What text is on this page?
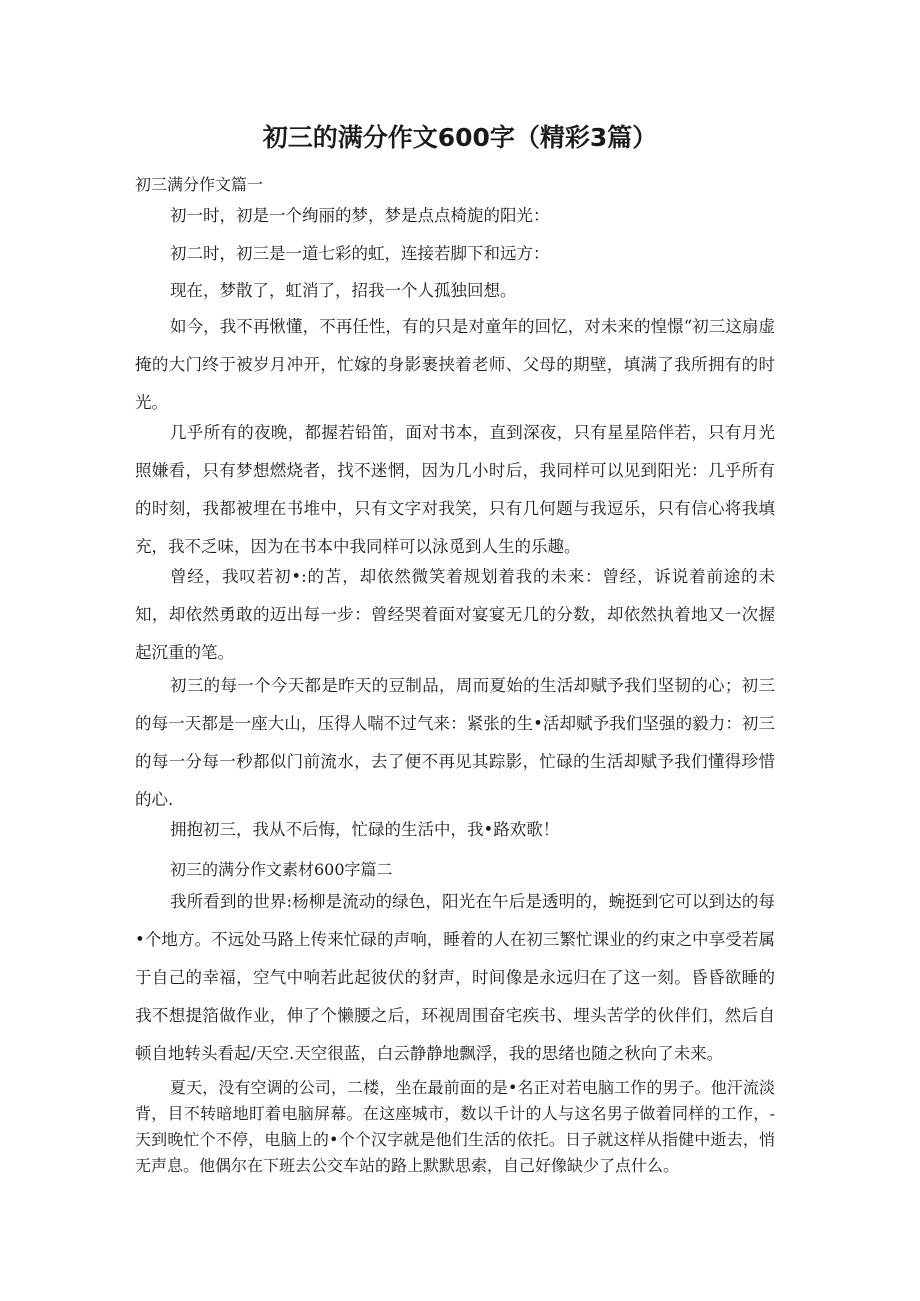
初三的满分作文600字（精彩3篇）

初三满分作文篇一

初一时，初是一个绚丽的梦，梦是点点椅旎的阳光：

初二时，初三是一道七彩的虹，连接若脚下和远方：

现在，梦散了，虹消了，招我一个人孤独回想。

如今，我不再愀懂，不再任性，有的只是对童年的回忆，对未来的惶憬“初三这扇虚掩的大门终于被岁月冲开，忙嫁的身影裹挟着老师、父母的期壁，填满了我所拥有的时光。

几乎所有的夜晚，都握若铅笛，面对书本，直到深夜，只有星星陪伴若，只有月光照嫌看，只有梦想燃烧者，找不迷惘，因为几小时后，我同样可以见到阳光：几乎所有的时刻，我都被埋在书堆中，只有文字对我笑，只有几何题与我逗乐，只有信心将我填充，我不乏味，因为在书本中我同样可以泳觅到人生的乐趣。

曾经，我叹若初•:的苫，却依然微笑着规划着我的未来：曾经，诉说着前途的未知，却依然勇敢的迈出每一步：曾经哭着面对宴宴无几的分数，却依然执着地又一次握起沉重的笔。

初三的每一个今天都是昨天的豆制品，周而夏始的生活却赋予我们坚韧的心；初三的每一天都是一座大山，压得人喘不过气来：紧张的生•活却赋予我们坚强的毅力：初三的每一分每一秒都似门前流水，去了便不再见其踪影，忙碌的生活却赋予我们懂得珍惜的心.

拥抱初三，我从不后悔，忙碌的生活中，我•路欢歌！

初三的满分作文素材600字篇二

我所看到的世界:杨柳是流动的绿色，阳光在午后是透明的，蜿挺到它可以到达的每•个地方。不远处马路上传来忙碌的声响，睡着的人在初三繁忙课业的约束之中享受若属于自己的幸福，空气中响若此起彼伏的豺声，时间像是永远归在了这一刻。昏昏欲睡的我不想提箔做作业，伸了个懒腰之后，环视周围奋宅疾书、埋头苦学的伙伴们，然后自顿自地转头看起/天空.天空很蓝，白云静静地飘浮，我的思绪也随之秋向了未来。

夏天，没有空调的公司，二楼，坐在最前面的是•名正对若电脑工作的男子。他汗流淡背，目不转暗地盯着电脑屏幕。在这座城市，数以千计的人与这名男子做着同样的工作，-天到晚忙个不停，电脑上的•个个汉字就是他们生活的依托。日子就这样从指健中逝去，悄无声息。他偶尔在下班去公交车站的路上默默思索，自己好像缺少了点什么。
